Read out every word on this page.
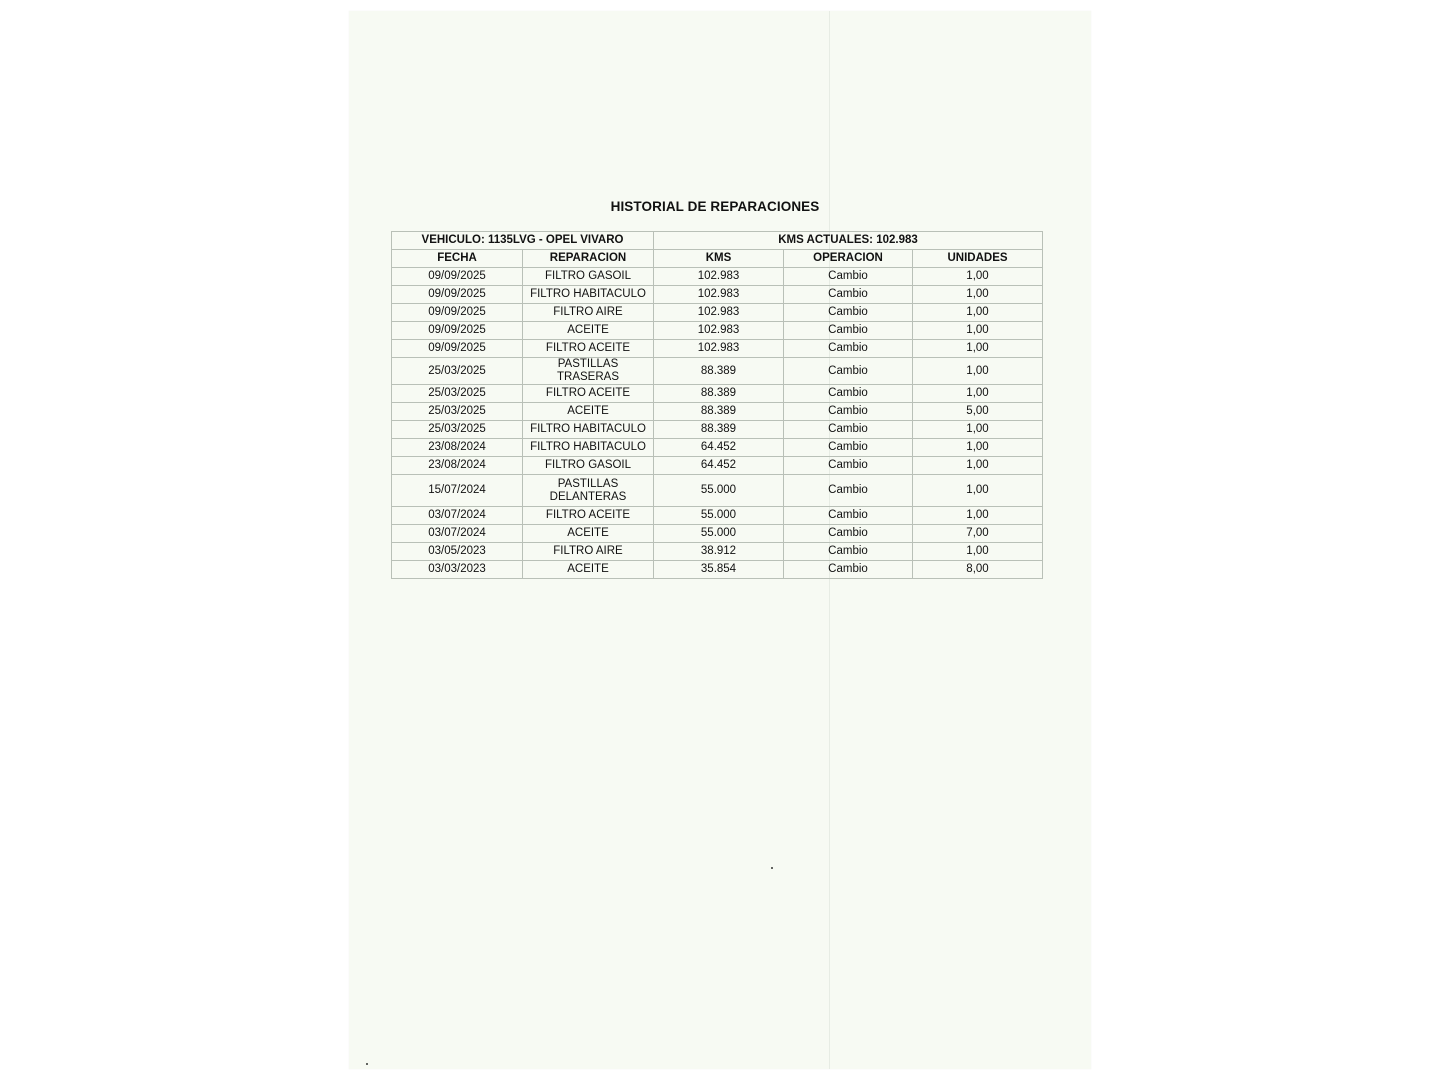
HISTORIAL DE REPARACIONES
VEHICULO: 1135LVG - OPEL VIVARO		KMS ACTUALES: 102.983		
FECHA	REPARACION	KMS	OPERACION	UNIDADES
09/09/2025	FILTRO GASOIL	102.983	Cambio	1,00
09/09/2025	FILTRO HABITACULO	102.983	Cambio	1,00
09/09/2025	FILTRO AIRE	102.983	Cambio	1,00
09/09/2025	ACEITE	102.983	Cambio	1,00
09/09/2025	FILTRO ACEITE	102.983	Cambio	1,00
25/03/2025	PASTILLAS TRASERAS	88.389	Cambio	1,00
25/03/2025	FILTRO ACEITE	88.389	Cambio	1,00
25/03/2025	ACEITE	88.389	Cambio	5,00
25/03/2025	FILTRO HABITACULO	88.389	Cambio	1,00
23/08/2024	FILTRO HABITACULO	64.452	Cambio	1,00
23/08/2024	FILTRO GASOIL	64.452	Cambio	1,00
15/07/2024	PASTILLAS DELANTERAS	55.000	Cambio	1,00
03/07/2024	FILTRO ACEITE	55.000	Cambio	1,00
03/07/2024	ACEITE	55.000	Cambio	7,00
03/05/2023	FILTRO AIRE	38.912	Cambio	1,00
03/03/2023	ACEITE	35.854	Cambio	8,00
